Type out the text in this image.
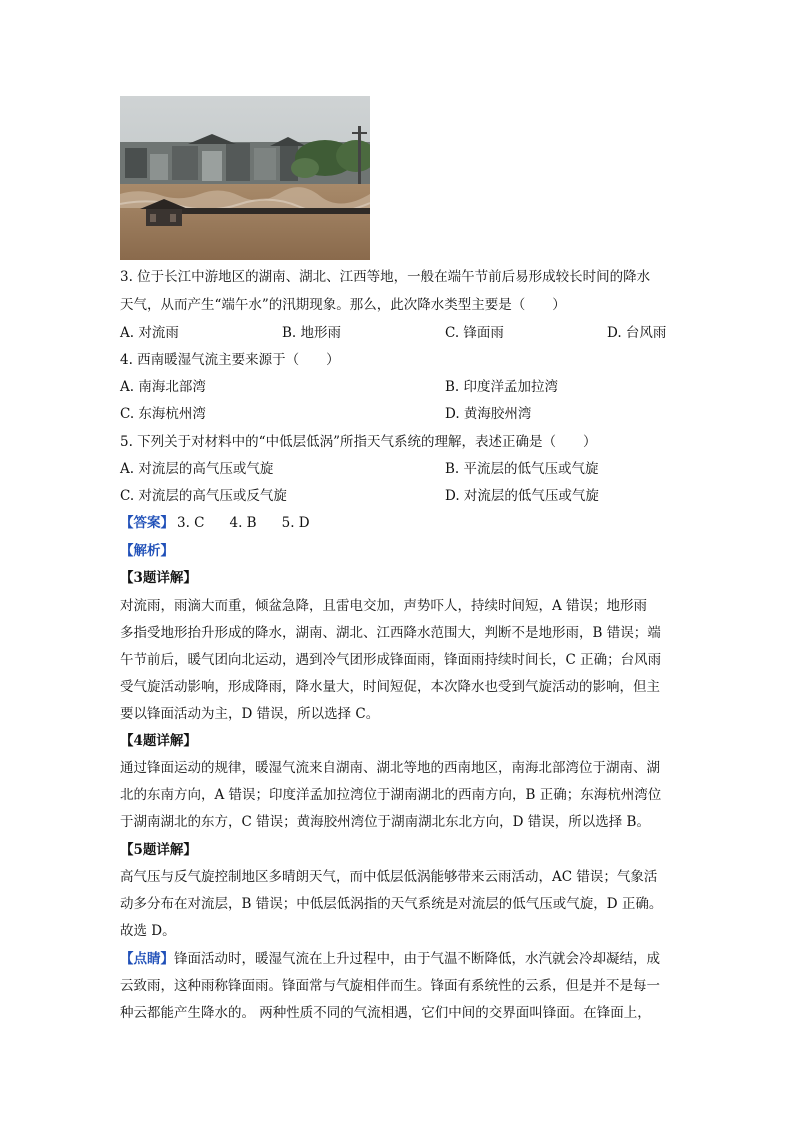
3. 位于长江中游地区的湖南、湖北、江西等地，一般在端午节前后易形成较长时间的降水
天气，从而产生“端午水”的汛期现象。那么，此次降水类型主要是（　　）
A. 对流雨	B. 地形雨	C. 锋面雨	D. 台风雨
4. 西南暖湿气流主要来源于（　　）
A. 南海北部湾	B. 印度洋孟加拉湾
C. 东海杭州湾	D. 黄海胶州湾
5. 下列关于对材料中的“中低层低涡”所指天气系统的理解，表述正确是（　　）
A. 对流层的高气压或气旋	B. 平流层的低气压或气旋
C. 对流层的高气压或反气旋	D. 对流层的低气压或气旋
【答案】 3. C 4. B 5. D
【解析】
【3题详解】
对流雨，雨滴大而重，倾盆急降，且雷电交加，声势吓人，持续时间短，A 错误；地形雨
多指受地形抬升形成的降水，湖南、湖北、江西降水范围大，判断不是地形雨，B 错误；端
午节前后，暖气团向北运动，遇到冷气团形成锋面雨，锋面雨持续时间长，C 正确；台风雨
受气旋活动影响，形成降雨，降水量大，时间短促，本次降水也受到气旋活动的影响，但主
要以锋面活动为主，D 错误，所以选择 C。
【4题详解】
通过锋面运动的规律，暖湿气流来自湖南、湖北等地的西南地区，南海北部湾位于湖南、湖
北的东南方向，A 错误；印度洋孟加拉湾位于湖南湖北的西南方向，B 正确；东海杭州湾位
于湖南湖北的东方，C 错误；黄海胶州湾位于湖南湖北东北方向，D 错误，所以选择 B。
【5题详解】
高气压与反气旋控制地区多晴朗天气，而中低层低涡能够带来云雨活动，AC 错误；气象活
动多分布在对流层，B 错误；中低层低涡指的天气系统是对流层的低气压或气旋，D 正确。
故选 D。
【点睛】锋面活动时，暖湿气流在上升过程中，由于气温不断降低，水汽就会冷却凝结，成
云致雨，这种雨称锋面雨。锋面常与气旋相伴而生。锋面有系统性的云系，但是并不是每一
种云都能产生降水的。 两种性质不同的气流相遇，它们中间的交界面叫锋面。在锋面上，
